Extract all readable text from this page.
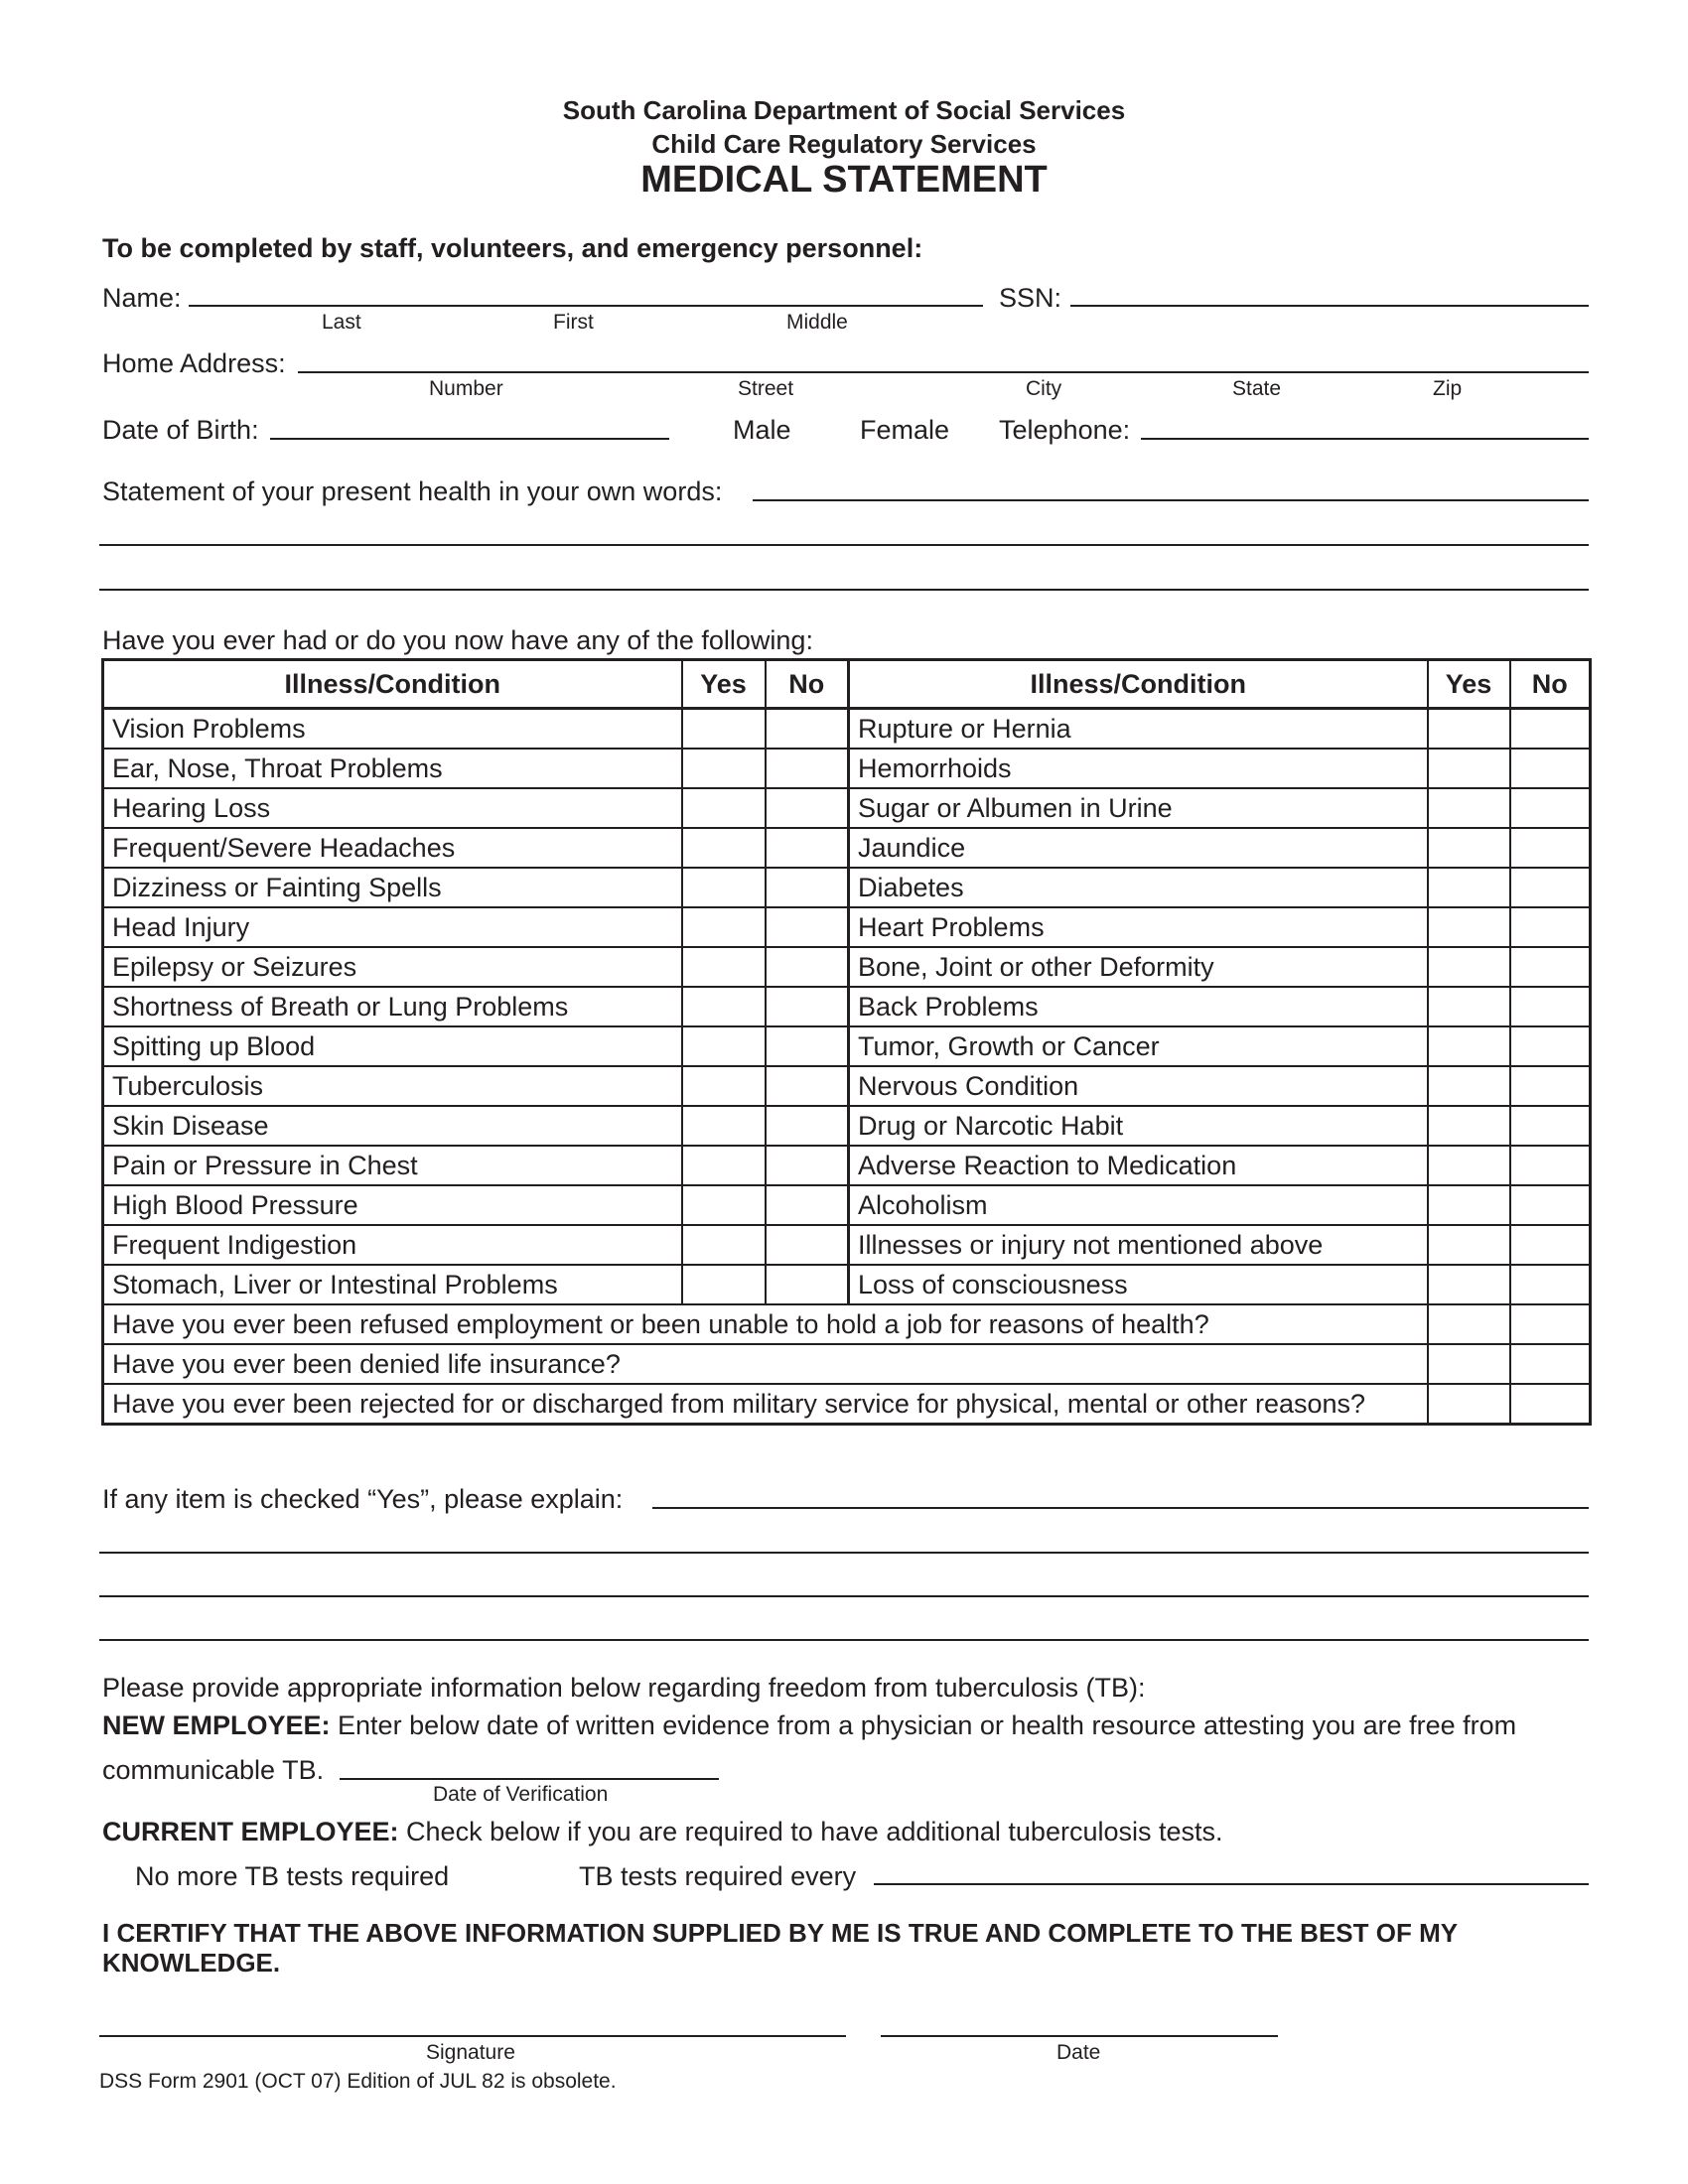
South Carolina Department of Social Services
Child Care Regulatory Services
MEDICAL STATEMENT
To be completed by staff, volunteers, and emergency personnel:
Name:	SSN:
Last	First	Middle
Home Address:
Number	Street	City	State	Zip
Date of Birth:	Male	Female Telephone:
Statement of your present health in your own words:
Have you ever had or do you now have any of the following:
Illness/Condition	Yes	No	Illness/Condition	Yes	No
Vision Problems			Rupture or Hernia		
Ear, Nose, Throat Problems			Hemorrhoids		
Hearing Loss			Sugar or Albumen in Urine		
Frequent/Severe Headaches			Jaundice		
Dizziness or Fainting Spells			Diabetes		
Head Injury			Heart Problems		
Epilepsy or Seizures			Bone, Joint or other Deformity		
Shortness of Breath or Lung Problems			Back Problems		
Spitting up Blood			Tumor, Growth or Cancer		
Tuberculosis			Nervous Condition		
Skin Disease			Drug or Narcotic Habit		
Pain or Pressure in Chest			Adverse Reaction to Medication		
High Blood Pressure			Alcoholism		
Frequent Indigestion			Illnesses or injury not mentioned above		
Stomach, Liver or Intestinal Problems			Loss of consciousness		
Have you ever been refused employment or been unable to hold a job for reasons of health?					
Have you ever been denied life insurance?					
Have you ever been rejected for or discharged from military service for physical, mental or other reasons?					
If any item is checked “Yes”, please explain:
Please provide appropriate information below regarding freedom from tuberculosis (TB):
NEW EMPLOYEE: Enter below date of written evidence from a physician or health resource attesting you are free from
communicable TB.
Date of Verification
CURRENT EMPLOYEE: Check below if you are required to have additional tuberculosis tests.
No more TB tests required	TB tests required every
I CERTIFY THAT THE ABOVE INFORMATION SUPPLIED BY ME IS TRUE AND COMPLETE TO THE BEST OF MY
KNOWLEDGE.
Signature	Date
DSS Form 2901 (OCT 07) Edition of JUL 82 is obsolete.
